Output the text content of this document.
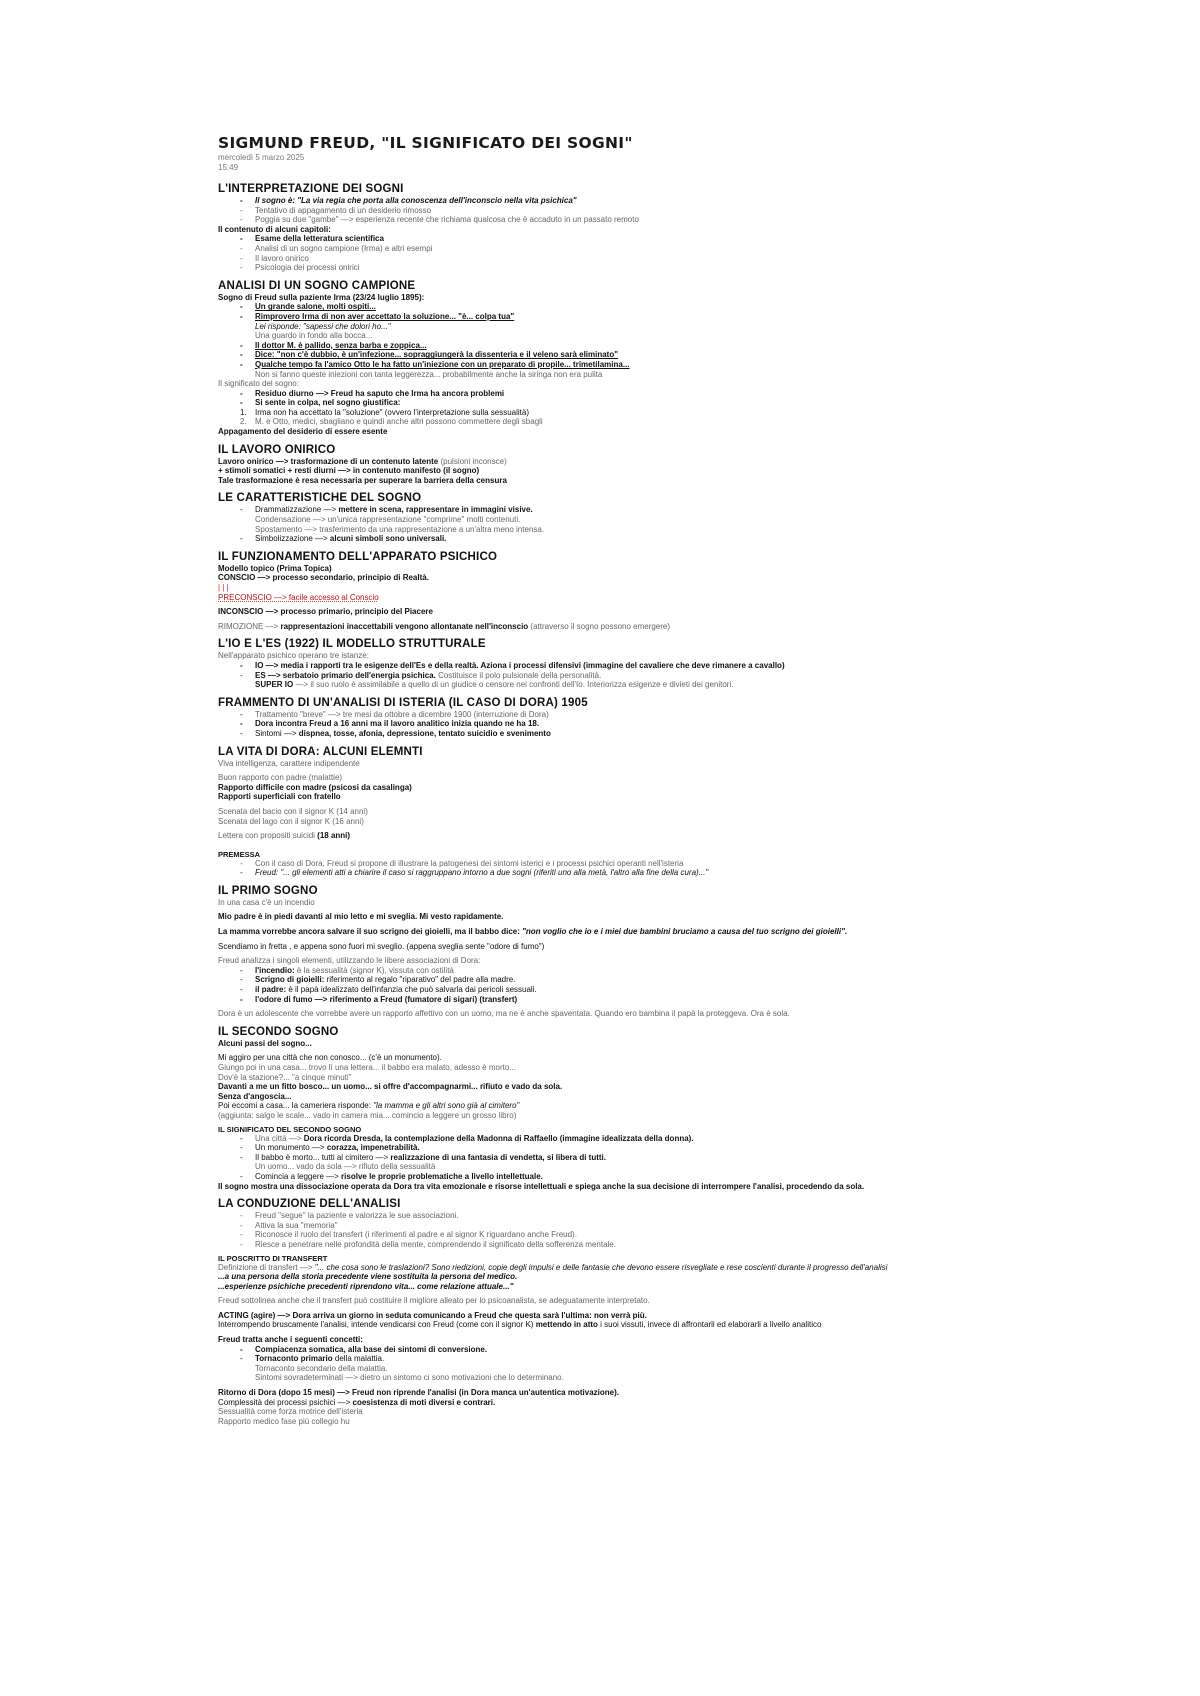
SIGMUND FREUD, "IL SIGNIFICATO DEI SOGNI"
mercoledì 5 marzo 2025
15:49
L'INTERPRETAZIONE DEI SOGNI

- Il sogno è: "La via regia che porta alla conoscenza dell'inconscio nella vita psichica"

- Tentativo di appagamento di un desiderio rimosso

- Poggia su due "gambe" —> esperienza recente che richiama qualcosa che è accaduto in un passato remoto

Il contenuto di alcuni capitoli:

- Esame della letteratura scientifica

- Analisi di un sogno campione (Irma) e altri esempi

- Il lavoro onirico

- Psicologia dei processi onirici

ANALISI DI UN SOGNO CAMPIONE

Sogno di Freud sulla paziente Irma (23/24 luglio 1895):

- Un grande salone, molti ospiti...

- Rimprovero Irma di non aver accettato la soluzione... "è... colpa tua"

Lei risponde: "sapessi che dolori ho..."

Una guardo in fondo alla bocca...

- Il dottor M. è pallido, senza barba e zoppica...

- Dice: "non c'è dubbio, è un'infezione... sopraggiungerà la dissenteria e il veleno sarà eliminato"

- Qualche tempo fa l'amico Otto le ha fatto un'iniezione con un preparato di propile... trimetilamina...

Non si fanno queste iniezioni con tanta leggerezza... probabilmente anche la siringa non era pulita

Il significato del sogno:

- Residuo diurno —> Freud ha saputo che Irma ha ancora problemi

- Si sente in colpa, nel sogno giustifica:

1. Irma non ha accettato la "soluzione" (ovvero l'interpretazione sulla sessualità)

2. M. e Otto, medici, sbagliano e quindi anche altri possono commettere degli sbagli

Appagamento del desiderio di essere esente

IL LAVORO ONIRICO

Lavoro onirico —> trasformazione di un contenuto latente (pulsioni inconsce)

+ stimoli somatici + resti diurni —> in contenuto manifesto (il sogno)

Tale trasformazione è resa necessaria per superare la barriera della censura

LE CARATTERISTICHE DEL SOGNO

- Drammatizzazione —> mettere in scena, rappresentare in immagini visive.

Condensazione —> un'unica rappresentazione "comprime" molti contenuti.

Spostamento —> trasferimento da una rappresentazione a un'altra meno intensa.

- Simbolizzazione —> alcuni simboli sono universali.

IL FUNZIONAMENTO DELL'APPARATO PSICHICO

Modello topico (Prima Topica)

CONSCIO —> processo secondario, principio di Realtà.

| | |

PRECONSCIO —> facile accesso al Conscio

INCONSCIO —> processo primario, principio del Piacere

RIMOZIONE —> rappresentazioni inaccettabili vengono allontanate nell'inconscio (attraverso il sogno possono emergere)

L'IO E L'ES (1922) IL MODELLO STRUTTURALE

Nell'apparato psichico operano tre istanze:

- IO —> media i rapporti tra le esigenze dell'Es e della realtà. Aziona i processi difensivi (immagine del cavaliere che deve rimanere a cavallo)

- ES —> serbatoio primario dell'energia psichica. Costituisce il polo pulsionale della personalità.

SUPER IO —> il suo ruolo è assimilabile a quello di un giudice o censore nei confronti dell'Io. Interiorizza esigenze e divieti dei genitori.

FRAMMENTO DI UN'ANALISI DI ISTERIA (IL CASO DI DORA) 1905

- Trattamento "breve" —> tre mesi da ottobre a dicembre 1900 (interruzione di Dora)

- Dora incontra Freud a 16 anni ma il lavoro analitico inizia quando ne ha 18.

- Sintomi —> dispnea, tosse, afonia, depressione, tentato suicidio e svenimento

LA VITA DI DORA: ALCUNI ELEMNTI

Viva intelligenza, carattere indipendente

Buon rapporto con padre (malattie)

Rapporto difficile con madre (psicosi da casalinga)

Rapporti superficiali con fratello

Scenata del bacio con il signor K (14 anni)

Scenata del lago con il signor K (16 anni)

Lettera con propositi suicidi (18 anni)

PREMESSA

- Con il caso di Dora, Freud si propone di illustrare la patogenesi dei sintomi isterici e i processi psichici operanti nell'isteria

- Freud: "... gli elementi atti a chiarire il caso si raggruppano intorno a due sogni (riferiti uno alla metà, l'altro alla fine della cura)..."

IL PRIMO SOGNO

In una casa c'è un incendio

Mio padre è in piedi davanti al mio letto e mi sveglia. Mi vesto rapidamente.

La mamma vorrebbe ancora salvare il suo scrigno dei gioielli, ma il babbo dice: "non voglio che io e i miei due bambini bruciamo a causa del tuo scrigno dei gioielli".

Scendiamo in fretta , e appena sono fuori mi sveglio. (appena sveglia sente "odore di fumo")

Freud analizza i singoli elementi, utilizzando le libere associazioni di Dora:

- l'incendio: è la sessualità (signor K), vissuta con ostilità

- Scrigno di gioielli: riferimento al regalo "riparativo" del padre alla madre.

- il padre: è il papà idealizzato dell'infanzia che può salvarla dai pericoli sessuali.

- l'odore di fumo —> riferimento a Freud (fumatore di sigari) (transfert)

Dora è un adolescente che vorrebbe avere un rapporto affettivo con un uomo, ma ne è anche spaventata. Quando ero bambina il papà la proteggeva. Ora è sola.

IL SECONDO SOGNO

Alcuni passi del sogno...

Mi aggiro per una città che non conosco... (c'è un monumento).

Giungo poi in una casa... trovo lì una lettera... il babbo era malato, adesso è morto...

Dov'è la stazione?... "a cinque minuti"

Davanti a me un fitto bosco... un uomo... si offre d'accompagnarmi... rifiuto e vado da sola.

Senza d'angoscia...

Poi eccomi a casa... la cameriera risponde: "la mamma e gli altri sono già al cimitero"

(aggiunta: salgo le scale... vado in camera mia... comincio a leggere un grosso libro)

IL SIGNIFICATO DEL SECONDO SOGNO

- Una città —> Dora ricorda Dresda, la contemplazione della Madonna di Raffaello (immagine idealizzata della donna).

- Un monumento —> corazza, impenetrabilità.

- Il babbo è morto... tutti al cimitero —> realizzazione di una fantasia di vendetta, si libera di tutti.

Un uomo... vado da sola —> rifiuto della sessualità

- Comincia a leggere —> risolve le proprie problematiche a livello intellettuale.

Il sogno mostra una dissociazione operata da Dora tra vita emozionale e risorse intellettuali e spiega anche la sua decisione di interrompere l'analisi, procedendo da sola.

LA CONDUZIONE DELL'ANALISI

- Freud "segue" la paziente e valorizza le sue associazioni.

- Attiva la sua "memoria"

- Riconosce il ruolo del transfert (i riferimenti al padre e al signor K riguardano anche Freud).

- Riesce a penetrare nelle profondità della mente, comprendendo il significato della sofferenza mentale.

IL POSCRITTO DI TRANSFERT

Definizione di transfert —> "... che cosa sono le traslazioni? Sono riedizioni, copie degli impulsi e delle fantasie che devono essere risvegliate e rese coscienti durante il progresso dell'analisi

...a una persona della storia precedente viene sostituita la persona del medico.

...esperienze psichiche precedenti riprendono vita... come relazione attuale..."

Freud sottolinea anche che il transfert può costituire il migliore alleato per lo psicoanalista, se adeguatamente interpretato.

ACTING (agire) —> Dora arriva un giorno in seduta comunicando a Freud che questa sarà l'ultima: non verrà più.

Interrompendo bruscamente l'analisi, intende vendicarsi con Freud (come con il signor K) mettendo in atto i suoi vissuti, invece di affrontarli ed elaborarli a livello analitico

Freud tratta anche i seguenti concetti:

- Compiacenza somatica, alla base dei sintomi di conversione.

- Tornaconto primario della malattia.

Tornaconto secondario della malattia.

Sintomi sovradeterminati —> dietro un sintomo ci sono motivazioni che lo determinano.

Ritorno di Dora (dopo 15 mesi) —> Freud non riprende l'analisi (in Dora manca un'autentica motivazione).

Complessità dei processi psichici —> coesistenza di moti diversi e contrari.

Sessualità come forza motrice dell'isteria

Rapporto medico fase più collegio hu
